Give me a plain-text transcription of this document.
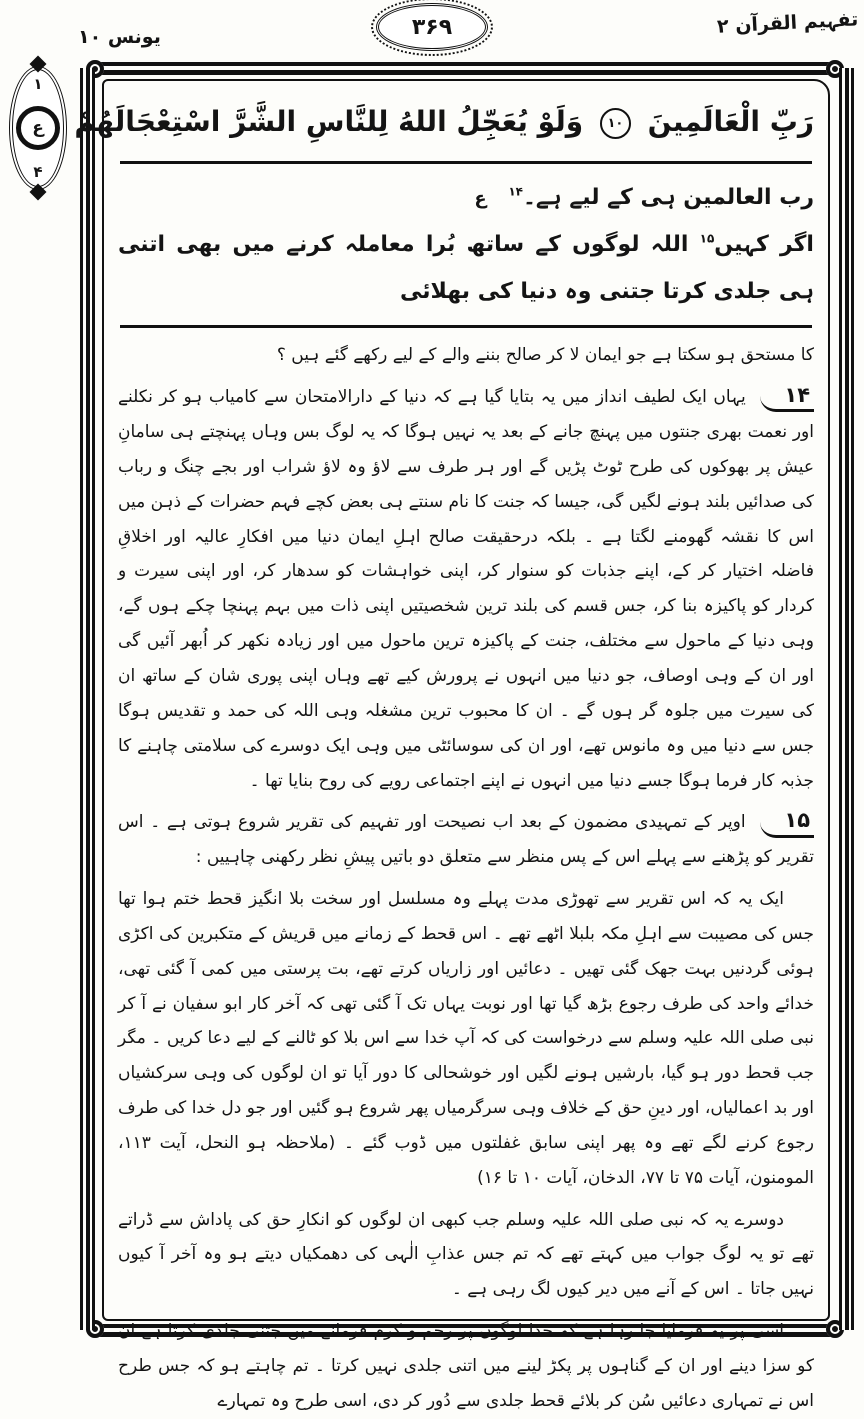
تفہیم القرآن ۲
یونس ۱۰	۳۶۹
۱
ع
۴
رَبِّ الْعَالَمِينَ
۱۰
وَلَوْ يُعَجِّلُ اللهُ لِلنَّاسِ الشَّرَّ اسْتِعْجَالَهُمْ
رب العالمین ہی کے لیے ہے۔$^{۱۴}$ ع
اگر کہیں$^{۱۵}$ اللہ لوگوں کے ساتھ بُرا معاملہ کرنے میں بھی اتنی ہی جلدی کرتا جتنی وہ دنیا کی بھلائی

کا مستحق ہو سکتا ہے جو ایمان لا کر صالح بننے والے کے لیے رکھے گئے ہیں ؟

۱۴ یہاں ایک لطیف انداز میں یہ بتایا گیا ہے کہ دنیا کے دارالامتحان سے کامیاب ہو کر نکلنے اور نعمت بھری جنتوں میں پہنچ جانے کے بعد یہ نہیں ہوگا کہ یہ لوگ بس وہاں پہنچتے ہی سامانِ عیش پر بھوکوں کی طرح ٹوٹ پڑیں گے اور ہر طرف سے لاؤ وہ لاؤ شراب اور بجے چنگ و رباب کی صدائیں بلند ہونے لگیں گی، جیسا کہ جنت کا نام سنتے ہی بعض کچے فہم حضرات کے ذہن میں اس کا نقشہ گھومنے لگتا ہے ۔ بلکہ درحقیقت صالح اہلِ ایمان دنیا میں افکارِ عالیہ اور اخلاقِ فاضلہ اختیار کر کے، اپنے جذبات کو سنوار کر، اپنی خواہشات کو سدھار کر، اور اپنی سیرت و کردار کو پاکیزہ بنا کر، جس قسم کی بلند ترین شخصیتیں اپنی ذات میں بہم پہنچا چکے ہوں گے، وہی دنیا کے ماحول سے مختلف، جنت کے پاکیزہ ترین ماحول میں اور زیادہ نکھر کر اُبھر آئیں گی اور ان کے وہی اوصاف، جو دنیا میں انہوں نے پرورش کیے تھے وہاں اپنی پوری شان کے ساتھ ان کی سیرت میں جلوہ گر ہوں گے ۔ ان کا محبوب ترین مشغلہ وہی اللہ کی حمد و تقدیس ہوگا جس سے دنیا میں وہ مانوس تھے، اور ان کی سوسائٹی میں وہی ایک دوسرے کی سلامتی چاہنے کا جذبہ کار فرما ہوگا جسے دنیا میں انہوں نے اپنے اجتماعی رویے کی روح بنایا تھا ۔

۱۵ اوپر کے تمہیدی مضمون کے بعد اب نصیحت اور تفہیم کی تقریر شروع ہوتی ہے ۔ اس تقریر کو پڑھنے سے پہلے اس کے پس منظر سے متعلق دو باتیں پیشِ نظر رکھنی چاہییں :

ایک یہ کہ اس تقریر سے تھوڑی مدت پہلے وہ مسلسل اور سخت بلا انگیز قحط ختم ہوا تھا جس کی مصیبت سے اہلِ مکہ بلبلا اٹھے تھے ۔ اس قحط کے زمانے میں قریش کے متکبرین کی اکڑی ہوئی گردنیں بہت جھک گئی تھیں ۔ دعائیں اور زاریاں کرتے تھے، بت پرستی میں کمی آ گئی تھی، خدائے واحد کی طرف رجوع بڑھ گیا تھا اور نوبت یہاں تک آ گئی تھی کہ آخر کار ابو سفیان نے آ کر نبی صلی اللہ علیہ وسلم سے درخواست کی کہ آپ خدا سے اس بلا کو ٹالنے کے لیے دعا کریں ۔ مگر جب قحط دور ہو گیا، بارشیں ہونے لگیں اور خوشحالی کا دور آیا تو ان لوگوں کی وہی سرکشیاں اور بد اعمالیاں، اور دینِ حق کے خلاف وہی سرگرمیاں پھر شروع ہو گئیں اور جو دل خدا کی طرف رجوع کرنے لگے تھے وہ پھر اپنی سابق غفلتوں میں ڈوب گئے ۔ (ملاحظہ ہو النحل، آیت ۱۱۳، المومنون، آیات ۷۵ تا ۷۷، الدخان، آیات ۱۰ تا ۱۶)

دوسرے یہ کہ نبی صلی اللہ علیہ وسلم جب کبھی ان لوگوں کو انکارِ حق کی پاداش سے ڈراتے تھے تو یہ لوگ جواب میں کہتے تھے کہ تم جس عذابِ الٰہی کی دھمکیاں دیتے ہو وہ آخر آ کیوں نہیں جاتا ۔ اس کے آنے میں دیر کیوں لگ رہی ہے ۔

اسی پر یہ فرمایا جا رہا ہے کہ خدا لوگوں پر رحم و کرم فرمانے میں جتنی جلدی کرتا ہے ان کو سزا دینے اور ان کے گناہوں پر پکڑ لینے میں اتنی جلدی نہیں کرتا ۔ تم چاہتے ہو کہ جس طرح اس نے تمہاری دعائیں سُن کر بلائے قحط جلدی سے دُور کر دی، اسی طرح وہ تمہارے
